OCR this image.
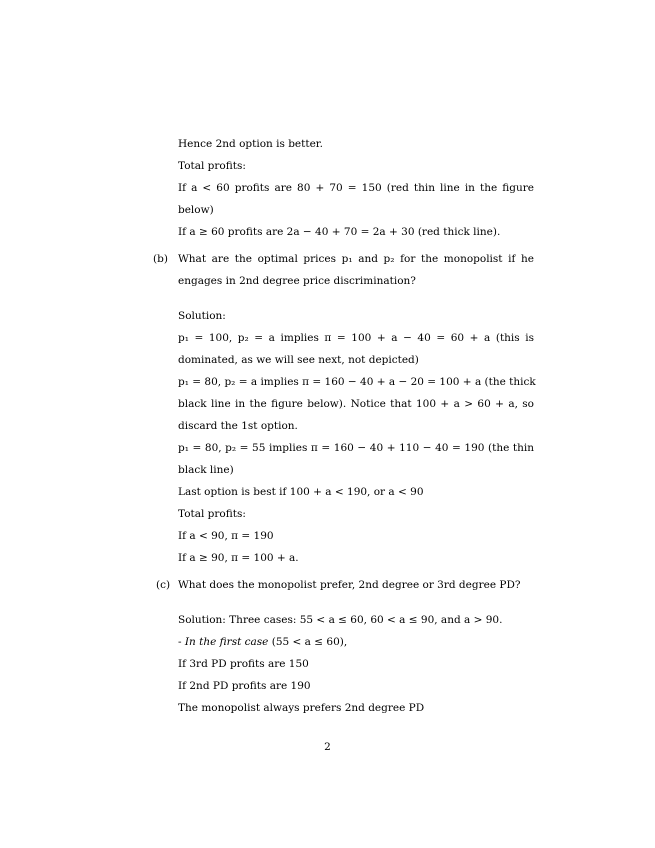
Hence 2nd option is better.
Total profits:
If a < 60 profits are 80 + 70 = 150 (red thin line in the figure
below)
If a ≥ 60 profits are 2a − 40 + 70 = 2a + 30 (red thick line).
(b) What are the optimal prices p₁ and p₂ for the monopolist if he
engages in 2nd degree price discrimination?
Solution:
p₁ = 100, p₂ = a implies π = 100 + a − 40 = 60 + a (this is
dominated, as we will see next, not depicted)
p₁ = 80, p₂ = a implies π = 160 − 40 + a − 20 = 100 + a (the thick
black line in the figure below). Notice that 100 + a > 60 + a, so
discard the 1st option.
p₁ = 80, p₂ = 55 implies π = 160 − 40 + 110 − 40 = 190 (the thin
black line)
Last option is best if 100 + a < 190, or a < 90
Total profits:
If a < 90, π = 190
If a ≥ 90, π = 100 + a.
(c) What does the monopolist prefer, 2nd degree or 3rd degree PD?
Solution: Three cases: 55 < a ≤ 60, 60 < a ≤ 90, and a > 90.
- In the first case (55 < a ≤ 60),
If 3rd PD profits are 150
If 2nd PD profits are 190
The monopolist always prefers 2nd degree PD
2
